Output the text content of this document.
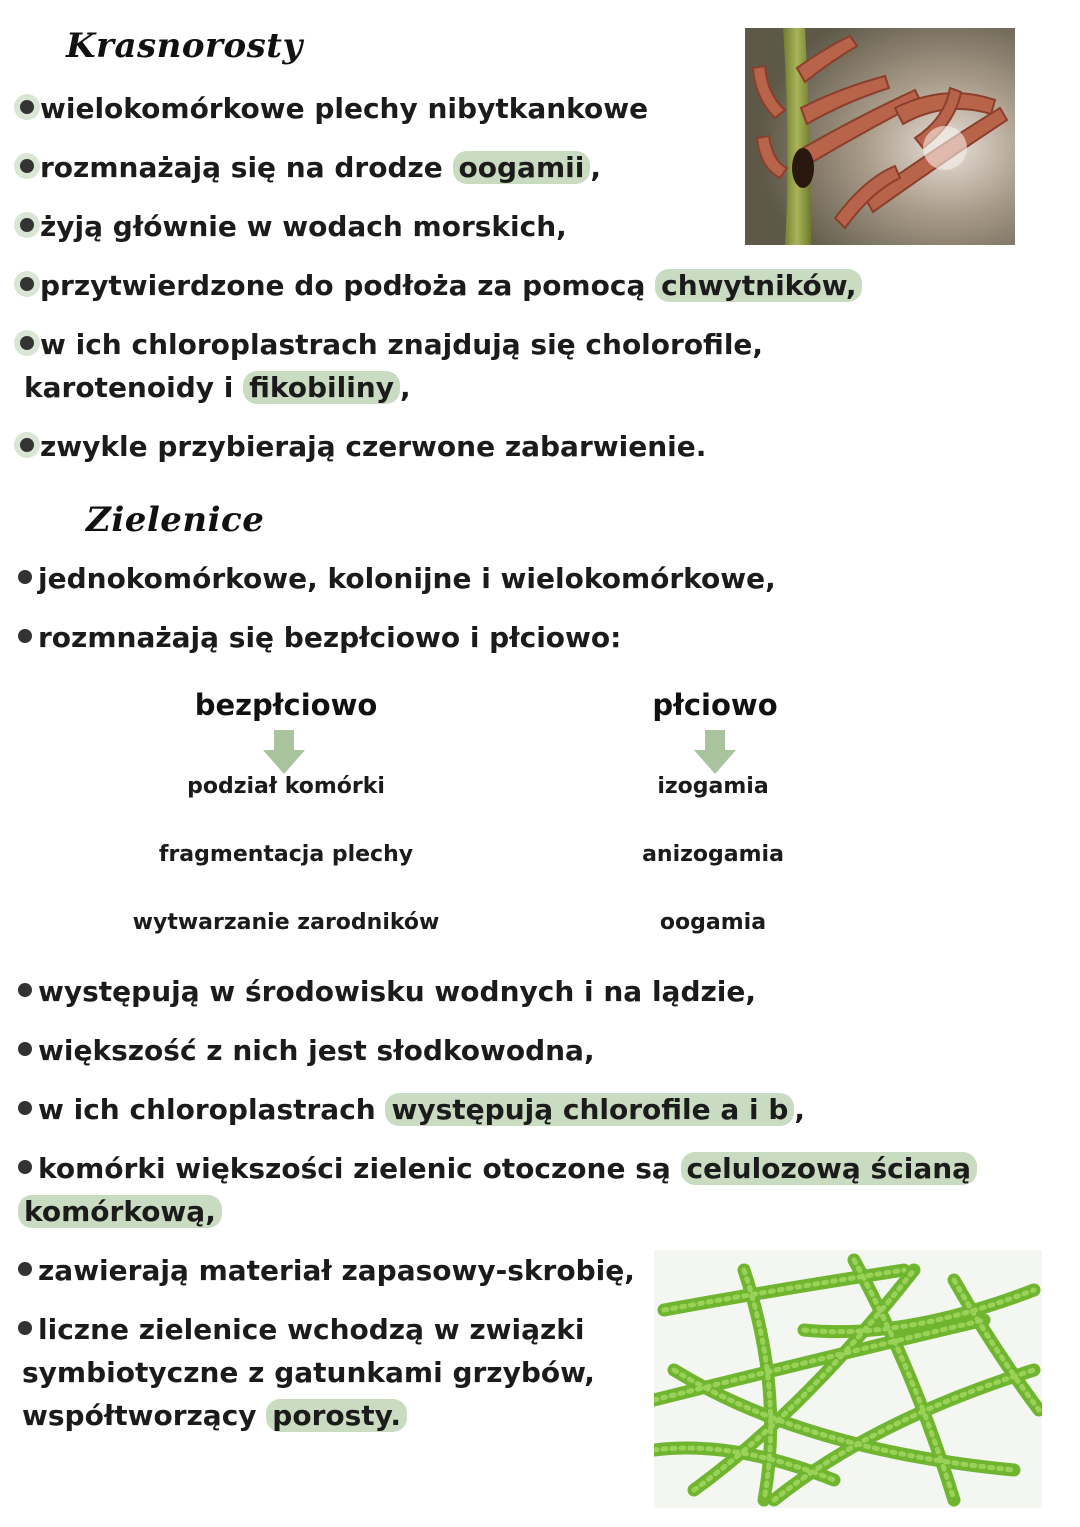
Krasnorosty
wielokomórkowe plechy nibytkankowe
rozmnażają się na drodze oogamii ,
żyją głównie w wodach morskich,
przytwierdzone do podłoża za pomocą chwytników,
w ich chloroplastrach znajdują się cholorofile,
karotenoidy i fikobiliny ,
zwykle przybierają czerwone zabarwienie.
Zielenice
jednokomórkowe, kolonijne i wielokomórkowe,
rozmnażają się bezpłciowo i płciowo:
bezpłciowo
podział komórki
fragmentacja plechy
wytwarzanie zarodników
płciowo
izogamia
anizogamia
oogamia
występują w środowisku wodnych i na lądzie,
większość z nich jest słodkowodna,
w ich chloroplastrach występują chlorofile a i b ,
komórki większości zielenic otoczone są celulozową ścianą
komórkową,
zawierają materiał zapasowy-skrobię,
liczne zielenice wchodzą w związki
symbiotyczne z gatunkami grzybów,
współtworzący porosty.
